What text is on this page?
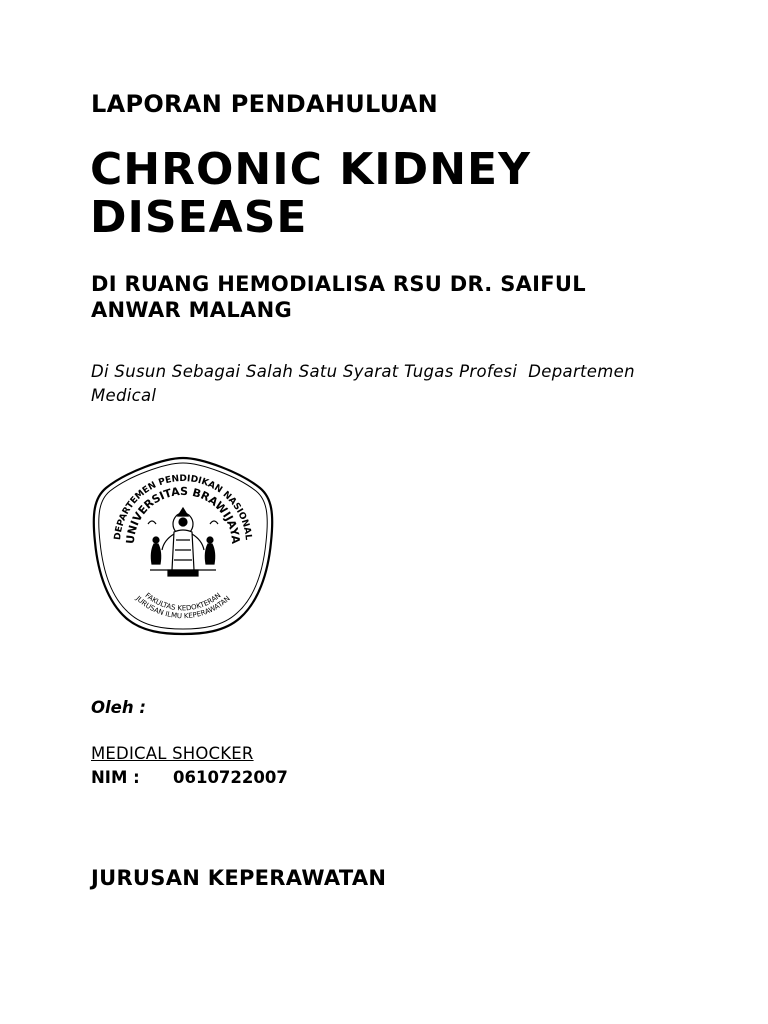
LAPORAN PENDAHULUAN
CHRONIC KIDNEY
DISEASE
DI RUANG HEMODIALISA RSU DR. SAIFUL
ANWAR MALANG
Di Susun Sebagai Salah Satu Syarat Tugas Profesi  Departemen
Medical
DEPARTEMEN PENDIDIKAN NASIONAL
UNIVERSITAS BRAWIJAYA
FAKULTAS KEDOKTERAN
JURUSAN ILMU KEPERAWATAN
Oleh :
MEDICAL SHOCKER
NIM : 0610722007
JURUSAN KEPERAWATAN
